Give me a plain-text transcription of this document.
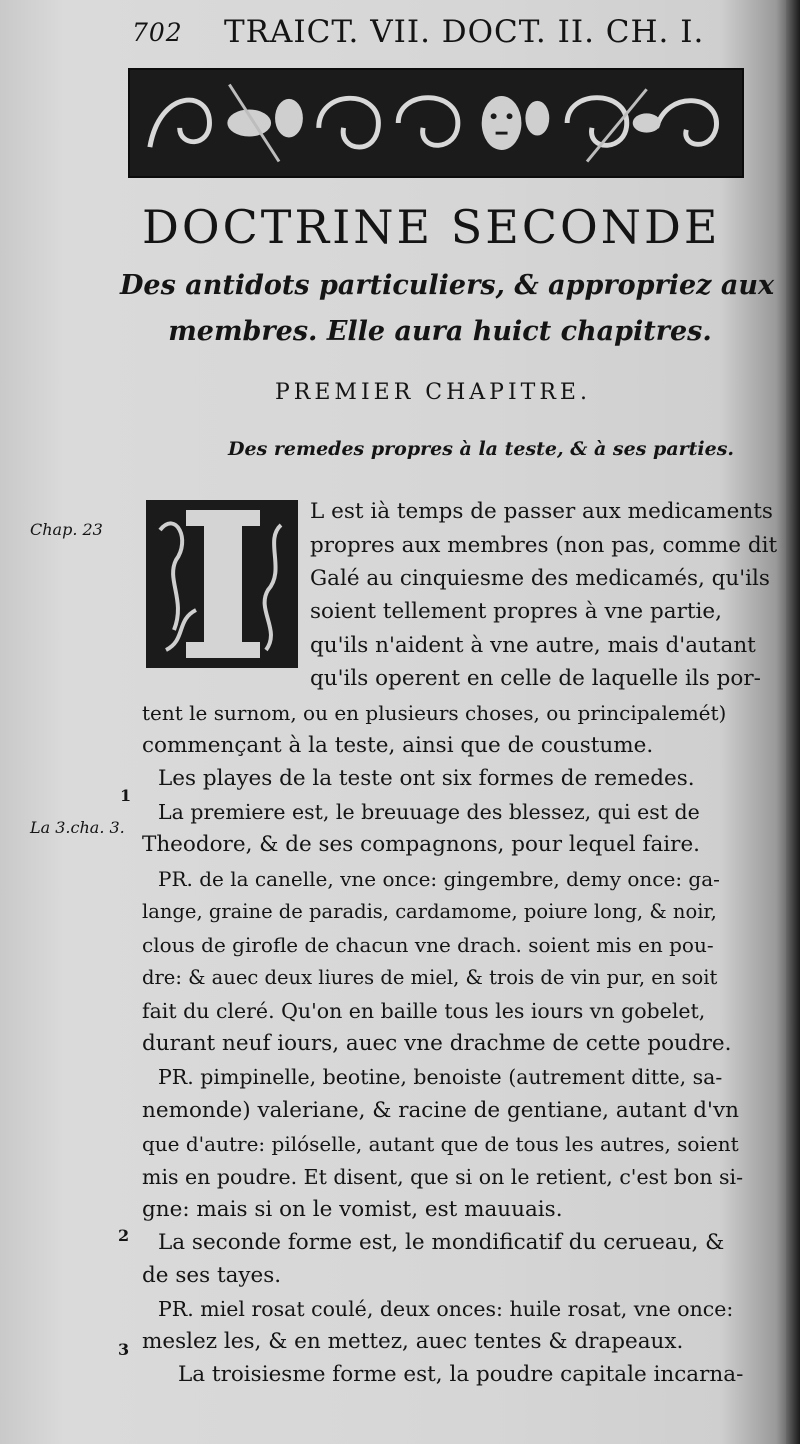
702 TRAICT. VII. DOCT. II. CH. I.
DOCTRINE SECONDE
Des antidots particuliers, & appropriez aux
membres. Elle aura huict chapitres.
PREMIER CHAPITRE.
Des remedes propres à la teste, & à ses parties.
Chap. 23
1
La 3.cha. 3.
2
3
L est ià temps de passer aux medicaments
propres aux membres (non pas, comme dit
Galé au cinquiesme des medicamés, qu'ils
soient tellement propres à vne partie,
qu'ils n'aident à vne autre, mais d'autant
qu'ils operent en celle de laquelle ils por-
tent le surnom, ou en plusieurs choses, ou principalemét)
commençant à la teste, ainsi que de coustume.
Les playes de la teste ont six formes de remedes.
La premiere est, le breuuage des blessez, qui est de
Theodore, & de ses compagnons, pour lequel faire.
PR. de la canelle, vne once: gingembre, demy once: ga-
lange, graine de paradis, cardamome, poiure long, & noir,
clous de girofle de chacun vne drach. soient mis en pou-
dre: & auec deux liures de miel, & trois de vin pur, en soit
fait du cleré. Qu'on en baille tous les iours vn gobelet,
durant neuf iours, auec vne drachme de cette poudre.
PR. pimpinelle, beotine, benoiste (autrement ditte, sa-
nemonde) valeriane, & racine de gentiane, autant d'vn
que d'autre: pilóselle, autant que de tous les autres, soient
mis en poudre. Et disent, que si on le retient, c'est bon si-
gne: mais si on le vomist, est mauuais.
La seconde forme est, le mondificatif du cerueau, &
de ses tayes.
PR. miel rosat coulé, deux onces: huile rosat, vne once:
meslez les, & en mettez, auec tentes & drapeaux.
La troisiesme forme est, la poudre capitale incarna-
